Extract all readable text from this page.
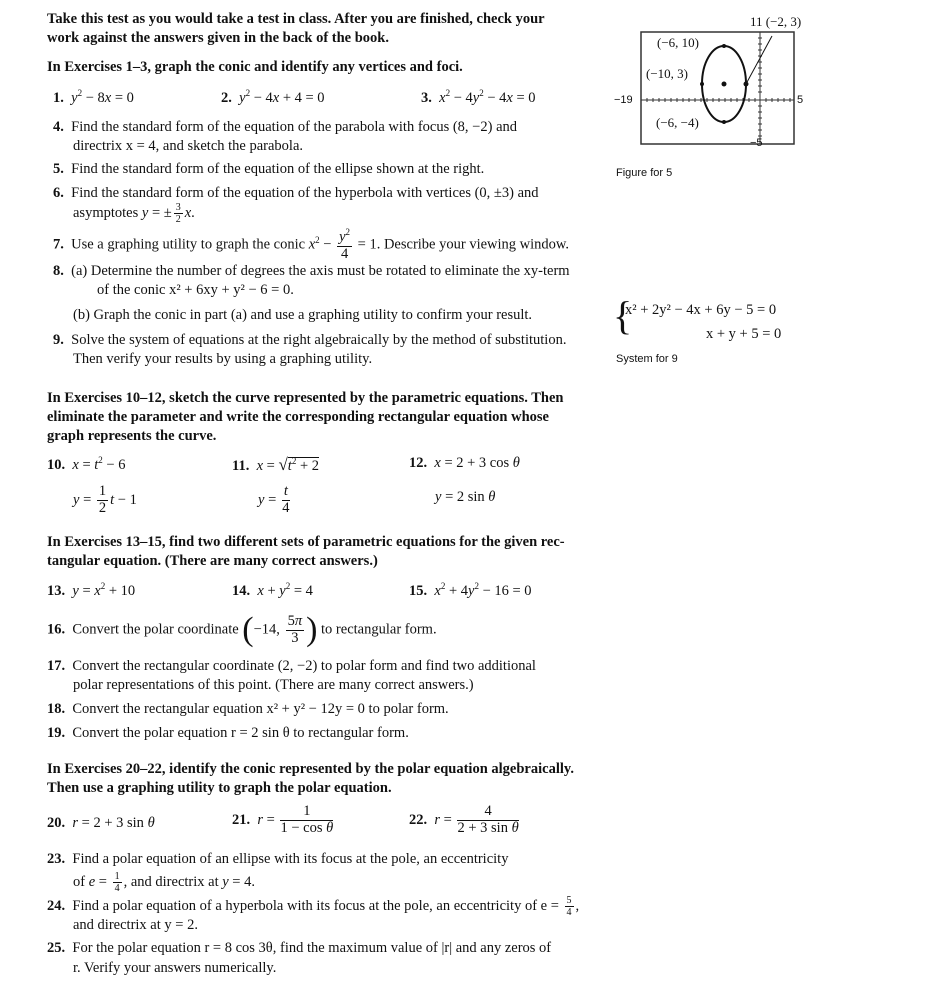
Take this test as you would take a test in class. After you are finished, check your
work against the answers given in the back of the book.
In Exercises 1–3, graph the conic and identify any vertices and foci.
1. $y^2 - 8x = 0$	2. $y^2 - 4x + 4 = 0$	3. $x^2 - 4y^2 - 4x = 0$
4. Find the standard form of the equation of the parabola with focus (8, −2) and
directrix x = 4, and sketch the parabola.
5. Find the standard form of the equation of the ellipse shown at the right.
6. Find the standard form of the equation of the hyperbola with vertices (0, ±3) and
asymptotes y = ± $\frac{3}{2} x$.
7. Use a graphing utility to graph the conic $x^2 - \frac{y^2}{4} = 1$. Describe your viewing window.
8. (a) Determine the number of degrees the axis must be rotated to eliminate the xy-term
of the conic x² + 6xy + y² − 6 = 0.
(b) Graph the conic in part (a) and use a graphing utility to confirm your result.
9. Solve the system of equations at the right algebraically by the method of substitution.
Then verify your results by using a graphing utility.
In Exercises 10–12, sketch the curve represented by the parametric equations. Then
eliminate the parameter and write the corresponding rectangular equation whose
graph represents the curve.
10. $x = t^2 - 6$
$y = \frac{1}{2}$ t − 1
11. $x = √t^2 + 2$
$y = \frac{t}{4}$
12. x = 2 + 3 cos θ
y = 2 sin θ
In Exercises 13–15, find two different sets of parametric equations for the given rec-
tangular equation. (There are many correct answers.)
13. $y = x^2 + 10$	14. $x + y^2 = 4$	15. $x^2 + 4y^2 - 16 = 0$
16. Convert the polar coordinate (−14, $\frac{5\pi}{3}$ ) to rectangular form.
17. Convert the rectangular coordinate (2, −2) to polar form and find two additional
polar representations of this point. (There are many correct answers.)
18. Convert the rectangular equation x² + y² − 12y = 0 to polar form.
19. Convert the polar equation r = 2 sin θ to rectangular form.
In Exercises 20–22, identify the conic represented by the polar equation algebraically.
Then use a graphing utility to graph the polar equation.
20. r = 2 + 3 sin θ	21. $r = \frac{1}{\text{1 − cos θ}}$	22. $r = \frac{4}{\text{2 + 3 sin θ}}$
23. Find a polar equation of an ellipse with its focus at the pole, an eccentricity
of $e = \frac{1}{4}$ , and directrix at y = 4.
24. Find a polar equation of a hyperbola with its focus at the pole, an eccentricity of $e = \frac{5}{4}$ ,
and directrix at y = 2.
25. For the polar equation r = 8 cos 3θ, find the maximum value of |r| and any zeros of
r. Verify your answers numerically.
11 (−2, 3)
(−6, 10)
(−10, 3)
(−6, −4)
−19	5
−5
Figure for 5
{
x² + 2y² − 4x + 6y − 5 = 0
x + y + 5 = 0
System for 9
